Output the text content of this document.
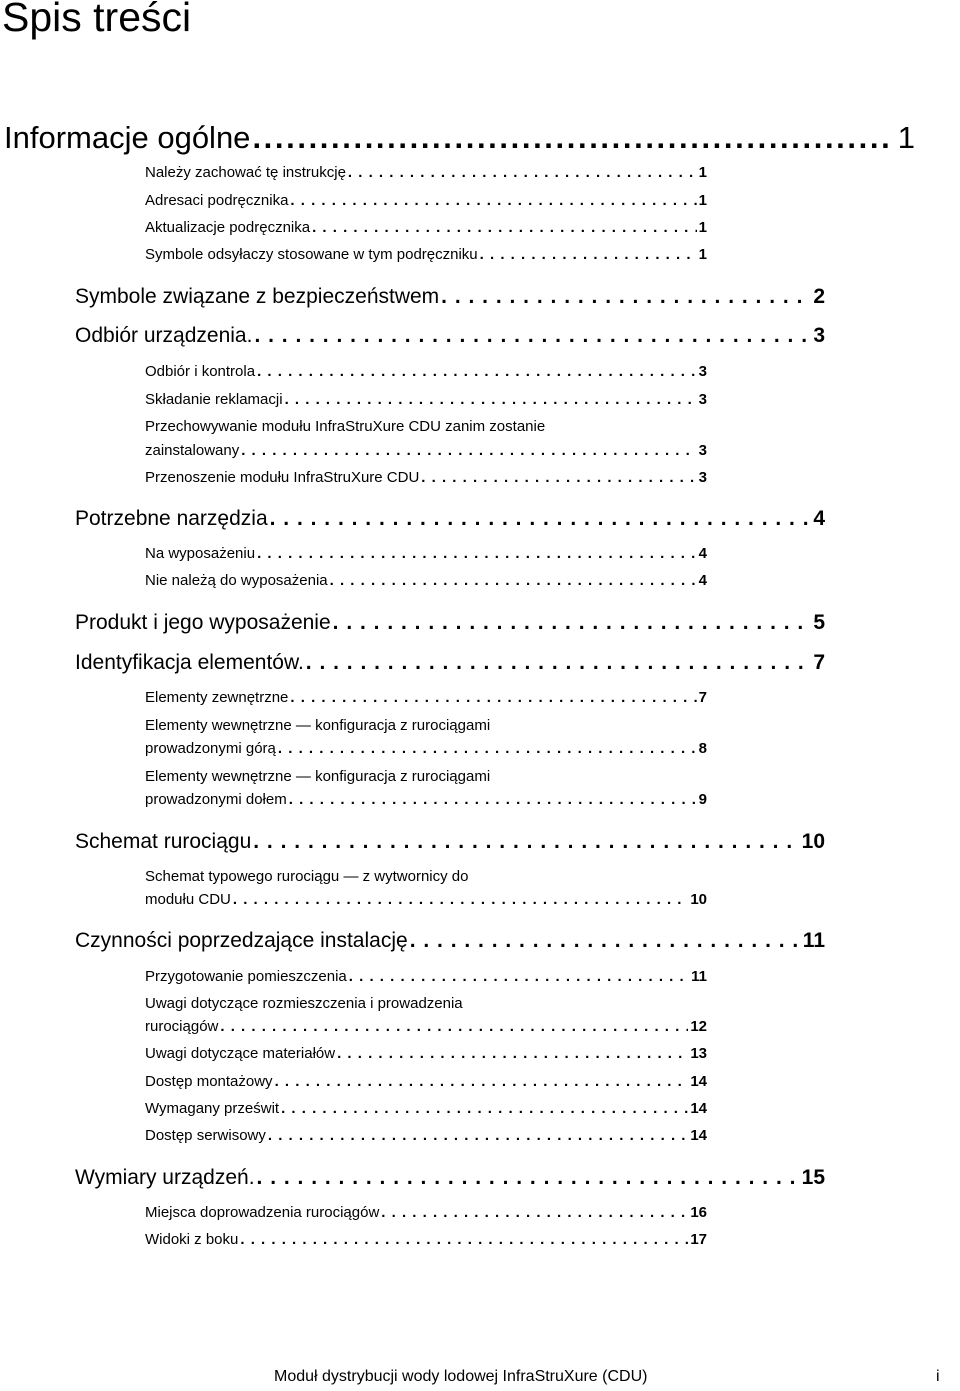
Spis treści
Informacje ogólne . . .	1
Należy zachować tę instrukcję . . .	1
Adresaci podręcznika . . .	1
Aktualizacje podręcznika . . .	1
Symbole odsyłaczy stosowane w tym podręczniku . . .	1
Symbole związane z bezpieczeństwem . . .	2
Odbiór urządzenia. . . .	3
Odbiór i kontrola . . .	3
Składanie reklamacji . . .	3
Przechowywanie modułu InfraStruXure CDU zanim zostanie
zainstalowany . . .	3
Przenoszenie modułu InfraStruXure CDU . . .	3
Potrzebne narzędzia . . .	4
Na wyposażeniu . . .	4
Nie należą do wyposażenia . . .	4
Produkt i jego wyposażenie . . .	5
Identyfikacja elementów. . . .	7
Elementy zewnętrzne . . .	7
Elementy wewnętrzne — konfiguracja z rurociągami
prowadzonymi górą . . .	8
Elementy wewnętrzne — konfiguracja z rurociągami
prowadzonymi dołem . . .	9
Schemat rurociągu . . .	10
Schemat typowego rurociągu — z wytwornicy do
modułu CDU . . .	10
Czynności poprzedzające instalację . . .	11
Przygotowanie pomieszczenia . . .	11
Uwagi dotyczące rozmieszczenia i prowadzenia
rurociągów . . .	12
Uwagi dotyczące materiałów . . .	13
Dostęp montażowy . . .	14
Wymagany prześwit . . .	14
Dostęp serwisowy . . .	14
Wymiary urządzeń. . . .	15
Miejsca doprowadzenia rurociągów . . .	16
Widoki z boku . . .	17
Moduł dystrybucji wody lodowej InfraStruXure (CDU)	i
